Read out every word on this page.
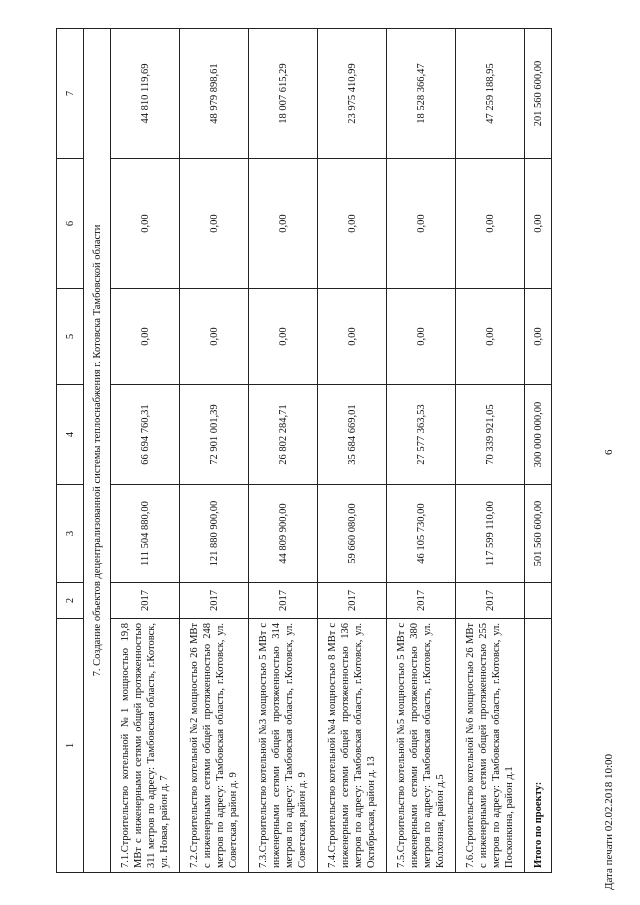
6
1	2	3	4	5	6	7
7. Создание объектов децентрализованной системы теплоснабжения г. Котовска Тамбовской области						
7.1.Строительство котельной №1 мощностью 19,8 МВт с инженерными сетями общей протяженностью 311 метров по адресу: Тамбовская область, г.Котовск, ул. Новая, район д. 7	2017	111 504 880,00	66 694 760,31	0,00	0,00	44 810 119,69
7.2.Строительство котельной №2 мощностью 26 МВт с инженерными сетями общей протяженностью 248 метров по адресу: Тамбовская область, г.Котовск, ул. Советская, район д. 9	2017	121 880 900,00	72 901 001,39	0,00	0,00	48 979 898,61
7.3.Строительство котельной №3 мощностью 5 МВт с инженерными сетями общей протяженностью 314 метров по адресу: Тамбовская область, г.Котовск, ул. Советская, район д. 9	2017	44 809 900,00	26 802 284,71	0,00	0,00	18 007 615,29
7.4.Строительство котельной №4 мощностью 8 МВт с инженерными сетями общей протяженностью 136 метров по адресу: Тамбовская область, г.Котовск, ул. Октябрьская, район д. 13	2017	59 660 080,00	35 684 669,01	0,00	0,00	23 975 410,99
7.5.Строительство котельной №5 мощностью 5 МВт с инженерными сетями общей протяженностью 380 метров по адресу: Тамбовская область, г.Котовск, ул. Колхозная, район д.5	2017	46 105 730,00	27 577 363,53	0,00	0,00	18 528 366,47
7.6.Строительство котельной №6 мощностью 26 МВт с инженерными сетями общей протяженностью 255 метров по адресу: Тамбовская область, г.Котовск, ул. Посконкина, район д.1	2017	117 599 110,00	70 339 921,05	0,00	0,00	47 259 188,95
Итого по проекту:		501 560 600,00	300 000 000,00	0,00	0,00	201 560 600,00
Дата печати 02.02.2018 10:00
